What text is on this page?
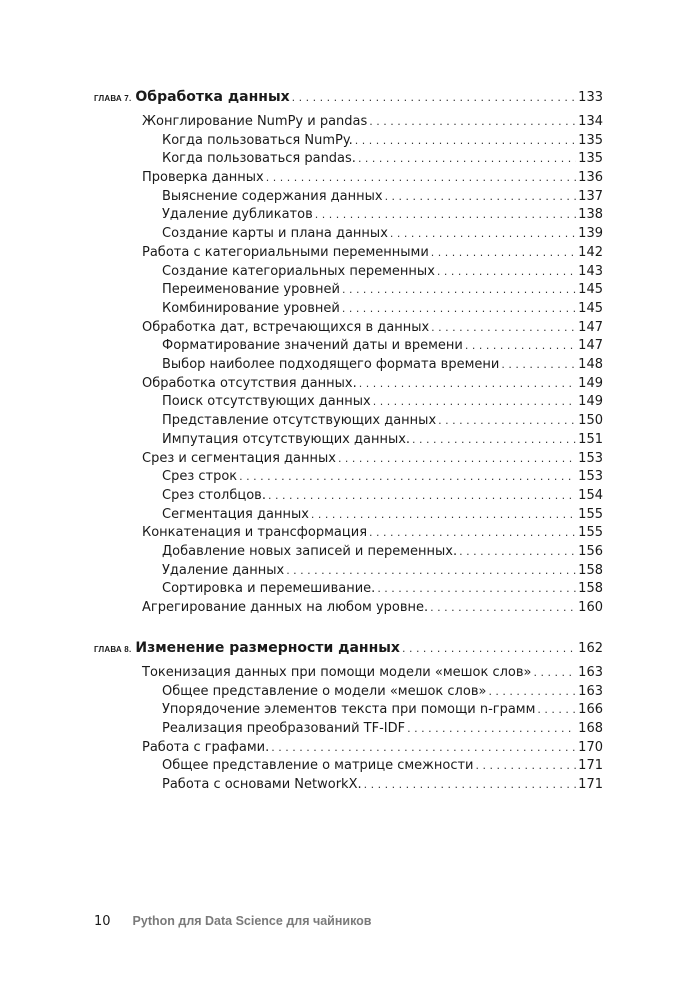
ГЛАВА 7. Обработка данных . . .	133
Жонглирование NumPy и pandas . . .	134
Когда пользоваться NumPy. . . .	135
Когда пользоваться pandas. . . .	135
Проверка данных . . .	136
Выяснение содержания данных . . .	137
Удаление дубликатов . . .	138
Создание карты и плана данных . . .	139
Работа с категориальными переменными . . .	142
Создание категориальных переменных . . .	143
Переименование уровней . . .	145
Комбинирование уровней . . .	145
Обработка дат, встречающихся в данных . . .	147
Форматирование значений даты и времени . . .	147
Выбор наиболее подходящего формата времени . . .	148
Обработка отсутствия данных. . . .	149
Поиск отсутствующих данных . . .	149
Представление отсутствующих данных . . .	150
Импутация отсутствующих данных. . . .	151
Срез и сегментация данных . . .	153
Срез строк . . .	153
Срез столбцов. . . .	154
Сегментация данных . . .	155
Конкатенация и трансформация . . .	155
Добавление новых записей и переменных. . . .	156
Удаление данных . . .	158
Сортировка и перемешивание. . . .	158
Агрегирование данных на любом уровне. . . .	160
ГЛАВА 8. Изменение размерности данных . . .	162
Токенизация данных при помощи модели «мешок слов» . . .	163
Общее представление о модели «мешок слов» . . .	163
Упорядочение элементов текста при помощи n-грамм . . .	166
Реализация преобразований TF-IDF . . .	168
Работа с графами. . . .	170
Общее представление о матрице смежности . . .	171
Работа с основами NetworkX. . . .	171
10 Python для Data Science для чайников
